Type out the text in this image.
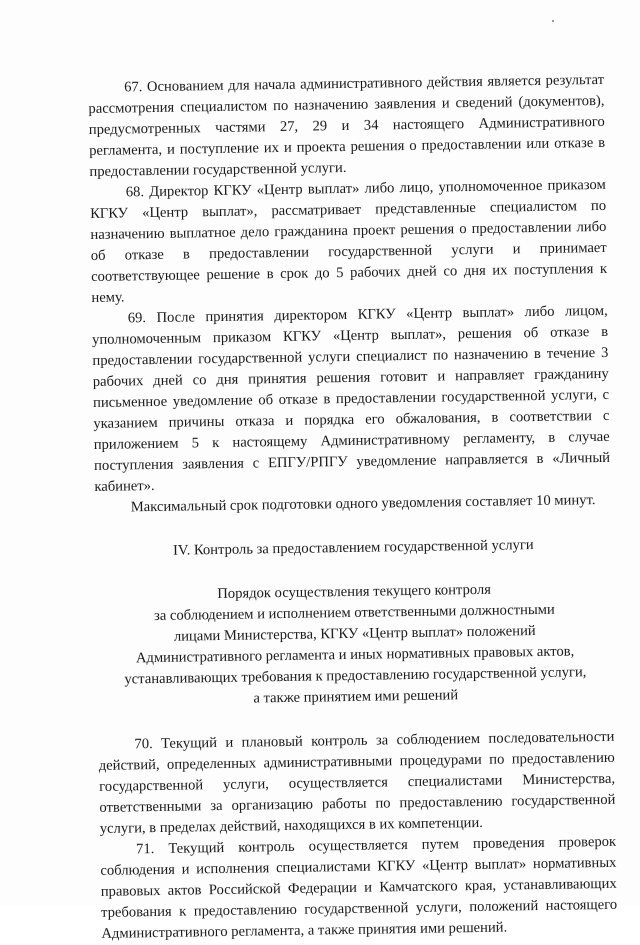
67. Основанием для начала административного действия является результат рассмотрения специалистом по назначению заявления и сведений (документов), предусмотренных частями 27, 29 и 34 настоящего Административного регламента, и поступление их и проекта решения о предоставлении или отказе в предоставлении государственной услуги.

68. Директор КГКУ «Центр выплат» либо лицо, уполномоченное приказом КГКУ «Центр выплат», рассматривает представленные специалистом по назначению выплатное дело гражданина проект решения о предоставлении либо об отказе в предоставлении государственной услуги и принимает соответствующее решение в срок до 5 рабочих дней со дня их поступления к нему.

69. После принятия директором КГКУ «Центр выплат» либо лицом, уполномоченным приказом КГКУ «Центр выплат», решения об отказе в предоставлении государственной услуги специалист по назначению в течение 3 рабочих дней со дня принятия решения готовит и направляет гражданину письменное уведомление об отказе в предоставлении государственной услуги, с указанием причины отказа и порядка его обжалования, в соответствии с приложением 5 к настоящему Административному регламенту, в случае поступления заявления с ЕПГУ/РПГУ уведомление направляется в «Личный кабинет».

Максимальный срок подготовки одного уведомления составляет 10 минут.

IV. Контроль за предоставлением государственной услуги

Порядок осуществления текущего контроля
за соблюдением и исполнением ответственными должностными
лицами Министерства, КГКУ «Центр выплат» положений
Административного регламента и иных нормативных правовых актов,
устанавливающих требования к предоставлению государственной услуги,
а также принятием ими решений

70. Текущий и плановый контроль за соблюдением последовательности действий, определенных административными процедурами по предоставлению государственной услуги, осуществляется специалистами Министерства, ответственными за организацию работы по предоставлению государственной услуги, в пределах действий, находящихся в их компетенции.

71. Текущий контроль осуществляется путем проведения проверок соблюдения и исполнения специалистами КГКУ «Центр выплат» нормативных правовых актов Российской Федерации и Камчатского края, устанавливающих требования к предоставлению государственной услуги, положений настоящего Административного регламента, а также принятия ими решений.
